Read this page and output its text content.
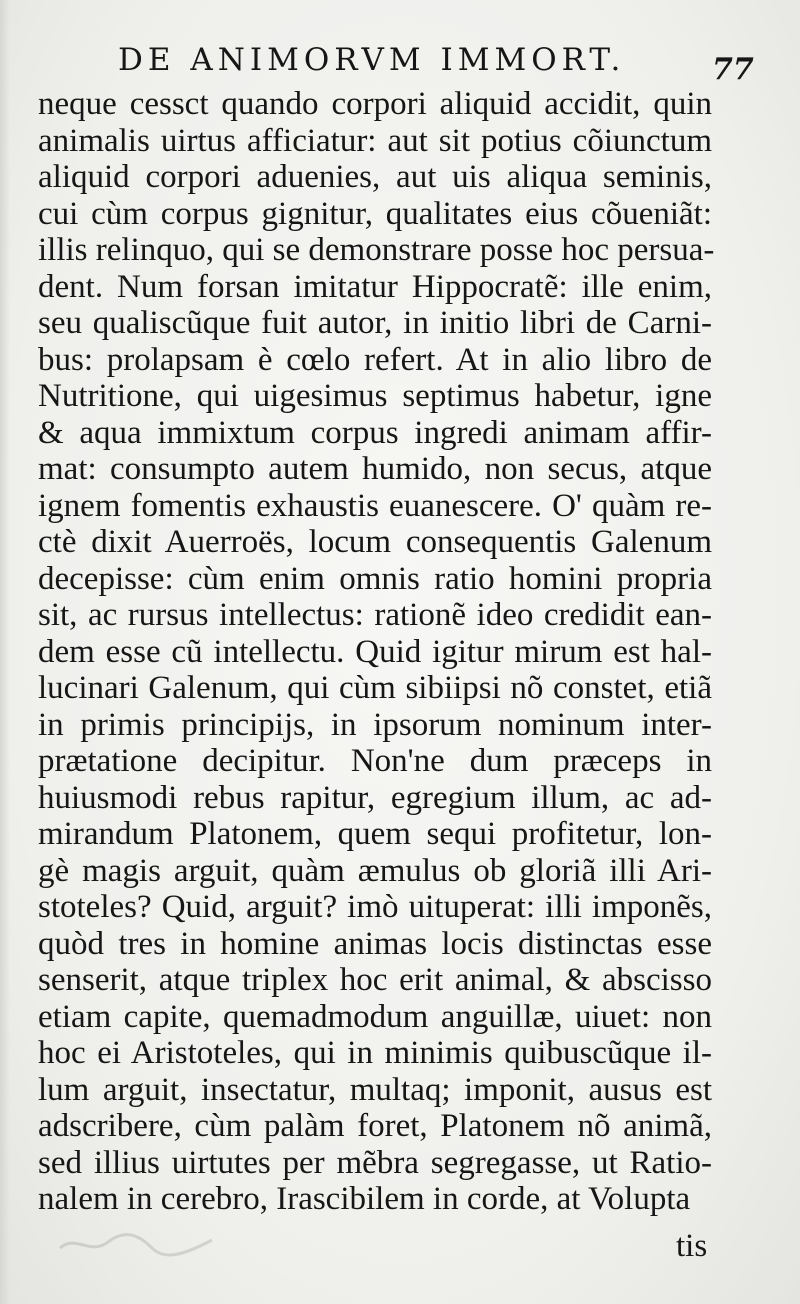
DE ANIMORVM IMMORT.	77
neque cessct quando corpori aliquid accidit, quin
animalis uirtus afficiatur: aut sit potius cõiunctum
aliquid corpori aduenies, aut uis aliqua seminis,
cui cùm corpus gignitur, qualitates eius cõueniãt:
illis relinquo, qui se demonstrare posse hoc persua-
dent. Num forsan imitatur Hippocratẽ: ille enim,
seu qualiscũque fuit autor, in initio libri de Carni-
bus: prolapsam è cœlo refert. At in alio libro de
Nutritione, qui uigesimus septimus habetur, igne
& aqua immixtum corpus ingredi animam affir-
mat: consumpto autem humido, non secus, atque
ignem fomentis exhaustis euanescere. O' quàm re-
ctè dixit Auerroës, locum consequentis Galenum
decepisse: cùm enim omnis ratio homini propria
sit, ac rursus intellectus: rationẽ ideo credidit ean-
dem esse cũ intellectu. Quid igitur mirum est hal-
lucinari Galenum, qui cùm sibiipsi nõ constet, etiã
in primis principijs, in ipsorum nominum inter-
prætatione decipitur. Non'ne dum præceps in
huiusmodi rebus rapitur, egregium illum, ac ad-
mirandum Platonem, quem sequi profitetur, lon-
gè magis arguit, quàm æmulus ob gloriã illi Ari-
stoteles? Quid, arguit? imò uituperat: illi imponẽs,
quòd tres in homine animas locis distinctas esse
senserit, atque triplex hoc erit animal, & abscisso
etiam capite, quemadmodum anguillæ, uiuet: non
hoc ei Aristoteles, qui in minimis quibuscũque il-
lum arguit, insectatur, multaq; imponit, ausus est
adscribere, cùm palàm foret, Platonem nõ animã,
sed illius uirtutes per mẽbra segregasse, ut Ratio-
nalem in cerebro, Irascibilem in corde, at Volupta
tis
